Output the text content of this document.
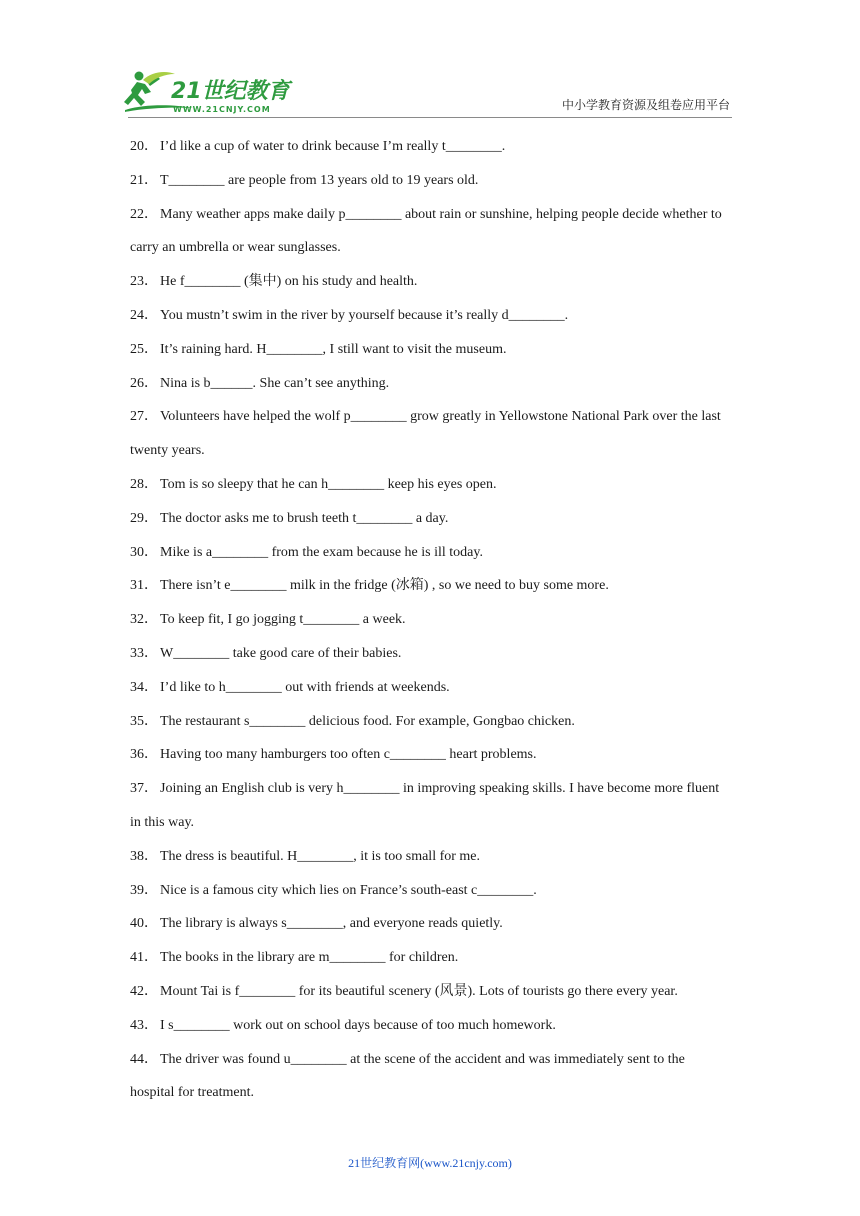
21世纪教育
WWW.21CNJY.COM	中小学教育资源及组卷应用平台
20． I’d like a cup of water to drink because I’m really t________.
21． T________ are people from 13 years old to 19 years old.
22． Many weather apps make daily p________ about rain or sunshine, helping people decide whether to carry an umbrella or wear sunglasses.
23． He f________ (集中) on his study and health.
24． You mustn’t swim in the river by yourself because it’s really d________.
25． It’s raining hard. H________, I still want to visit the museum.
26． Nina is b______. She can’t see anything.
27． Volunteers have helped the wolf p________ grow greatly in Yellowstone National Park over the last twenty years.
28． Tom is so sleepy that he can h________ keep his eyes open.
29． The doctor asks me to brush teeth t________ a day.
30． Mike is a________ from the exam because he is ill today.
31． There isn’t e________ milk in the fridge (冰箱) , so we need to buy some more.
32． To keep fit, I go jogging t________ a week.
33． W________ take good care of their babies.
34． I’d like to h________ out with friends at weekends.
35． The restaurant s________ delicious food. For example, Gongbao chicken.
36． Having too many hamburgers too often c________ heart problems.
37． Joining an English club is very h________ in improving speaking skills. I have become more fluent in this way.
38． The dress is beautiful. H________, it is too small for me.
39． Nice is a famous city which lies on France’s south-east c________.
40． The library is always s________, and everyone reads quietly.
41． The books in the library are m________ for children.
42． Mount Tai is f________ for its beautiful scenery (风景). Lots of tourists go there every year.
43． I s________ work out on school days because of too much homework.
44． The driver was found u________ at the scene of the accident and was immediately sent to the hospital for treatment.
21世纪教育网(www.21cnjy.com)
